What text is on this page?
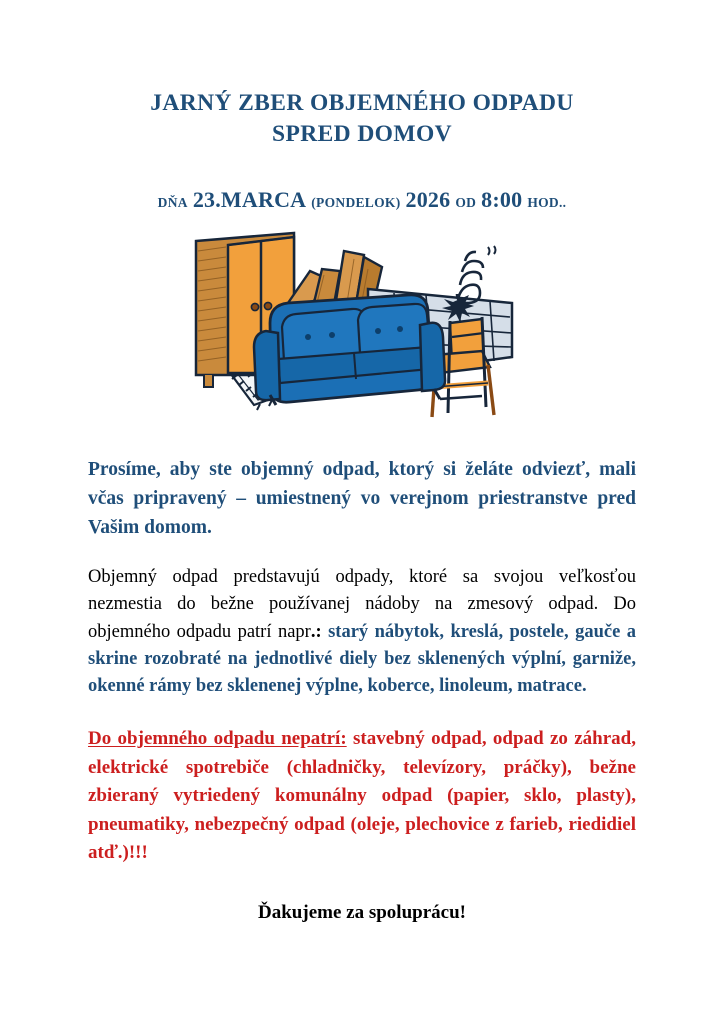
JARNÝ ZBER OBJEMNÉHO ODPADU
SPRED DOMOV
DŇA 23.MARCA (PONDELOK) 2026 OD 8:00 HOD..

Prosíme, aby ste objemný odpad, ktorý si želáte odviezť, mali včas pripravený – umiestnený vo verejnom priestranstve pred Vašim domom.

Objemný odpad predstavujú odpady, ktoré sa svojou veľkosťou nezmestia do bežne používanej nádoby na zmesový odpad. Do objemného odpadu patrí napr.: starý nábytok, kreslá, postele, gauče a skrine rozobraté na jednotlivé diely bez sklenených výplní, garniže, okenné rámy bez sklenenej výplne, koberce, linoleum, matrace.

Do objemného odpadu nepatrí: stavebný odpad, odpad zo záhrad, elektrické spotrebiče (chladničky, televízory, práčky), bežne zbieraný vytriedený komunálny odpad (papier, sklo, plasty), pneumatiky, nebezpečný odpad (oleje, plechovice z farieb, riedidiel atď.)!!!

Ďakujeme za spoluprácu!
